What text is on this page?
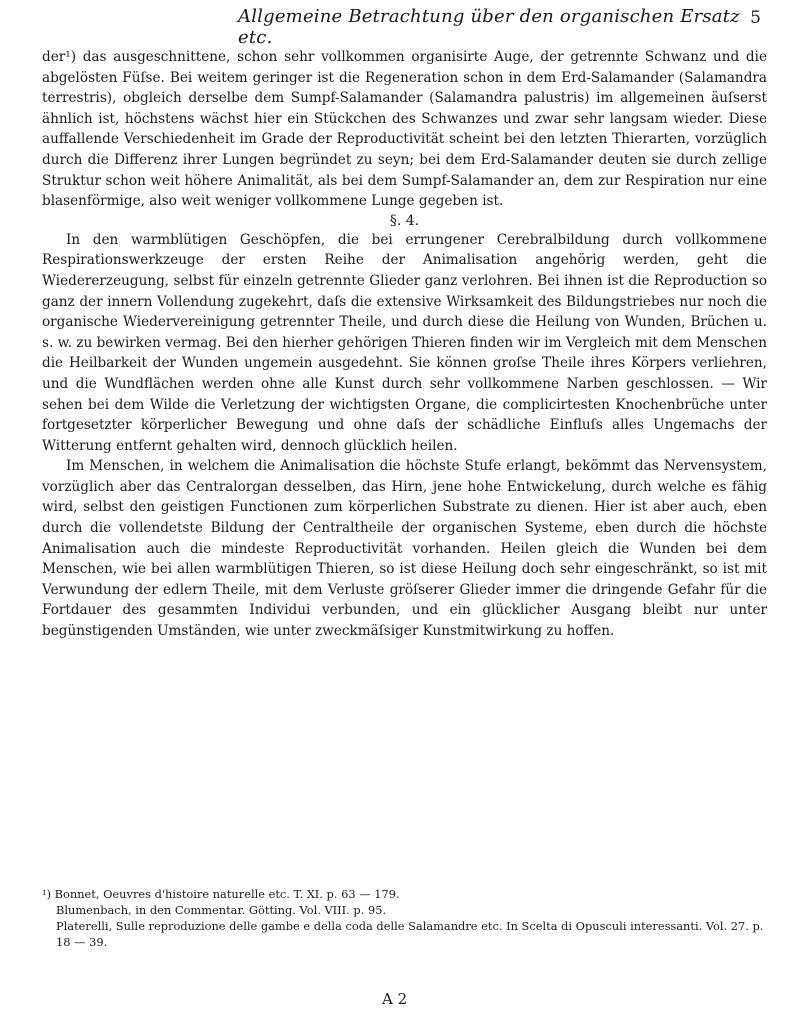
Allgemeine Betrachtung über den organischen Ersatz etc.
5

der¹) das ausgeschnittene, schon sehr vollkommen organisirte Auge, der getrennte Schwanz und die abgelösten Füſse. Bei weitem geringer ist die Regeneration schon in dem Erd-Salamander (Salamandra terrestris), obgleich derselbe dem Sumpf-Salamander (Salamandra palustris) im allgemeinen äuſserst ähnlich ist, höchstens wächst hier ein Stückchen des Schwanzes und zwar sehr langsam wieder. Diese auffallende Verschiedenheit im Grade der Reproductivität scheint bei den letzten Thierarten, vorzüglich durch die Differenz ihrer Lungen begründet zu seyn; bei dem Erd-Salamander deuten sie durch zellige Struktur schon weit höhere Animalität, als bei dem Sumpf-Salamander an, dem zur Respiration nur eine blasenförmige, also weit weniger vollkommene Lunge gegeben ist.

§. 4.

In den warmblütigen Geschöpfen, die bei errungener Cerebralbildung durch vollkommene Respirationswerkzeuge der ersten Reihe der Animalisation angehörig werden, geht die Wiedererzeugung, selbst für einzeln getrennte Glieder ganz verlohren. Bei ihnen ist die Reproduction so ganz der innern Vollendung zugekehrt, daſs die extensive Wirksamkeit des Bildungstriebes nur noch die organische Wiedervereinigung getrennter Theile, und durch diese die Heilung von Wunden, Brüchen u. s. w. zu bewirken vermag. Bei den hierher gehörigen Thieren finden wir im Vergleich mit dem Menschen die Heilbarkeit der Wunden ungemein ausgedehnt. Sie können groſse Theile ihres Körpers verliehren, und die Wundflächen werden ohne alle Kunst durch sehr vollkommene Narben geschlossen. — Wir sehen bei dem Wilde die Verletzung der wichtigsten Organe, die complicirtesten Knochenbrüche unter fortgesetzter körperlicher Bewegung und ohne daſs der schädliche Einfluſs alles Ungemachs der Witterung entfernt gehalten wird, dennoch glücklich heilen.

Im Menschen, in welchem die Animalisation die höchste Stufe erlangt, bekömmt das Nervensystem, vorzüglich aber das Centralorgan desselben, das Hirn, jene hohe Entwickelung, durch welche es fähig wird, selbst den geistigen Functionen zum körperlichen Substrate zu dienen. Hier ist aber auch, eben durch die vollendetste Bildung der Centraltheile der organischen Systeme, eben durch die höchste Animalisation auch die mindeste Reproductivität vorhanden. Heilen gleich die Wunden bei dem Menschen, wie bei allen warmblütigen Thieren, so ist diese Heilung doch sehr eingeschränkt, so ist mit Verwundung der edlern Theile, mit dem Verluste gröſserer Glieder immer die dringende Gefahr für die Fortdauer des gesammten Individui verbunden, und ein glücklicher Ausgang bleibt nur unter begünstigenden Umständen, wie unter zweckmäſsiger Kunstmitwirkung zu hoffen.

¹) Bonnet, Oeuvres d'histoire naturelle etc. T. XI. p. 63 — 179.

Blumenbach, in den Commentar. Götting. Vol. VIII. p. 95.

Platerelli, Sulle reproduzione delle gambe e della coda delle Salamandre etc. In Scelta di Opusculi interessanti. Vol. 27. p. 18 — 39.

A 2
